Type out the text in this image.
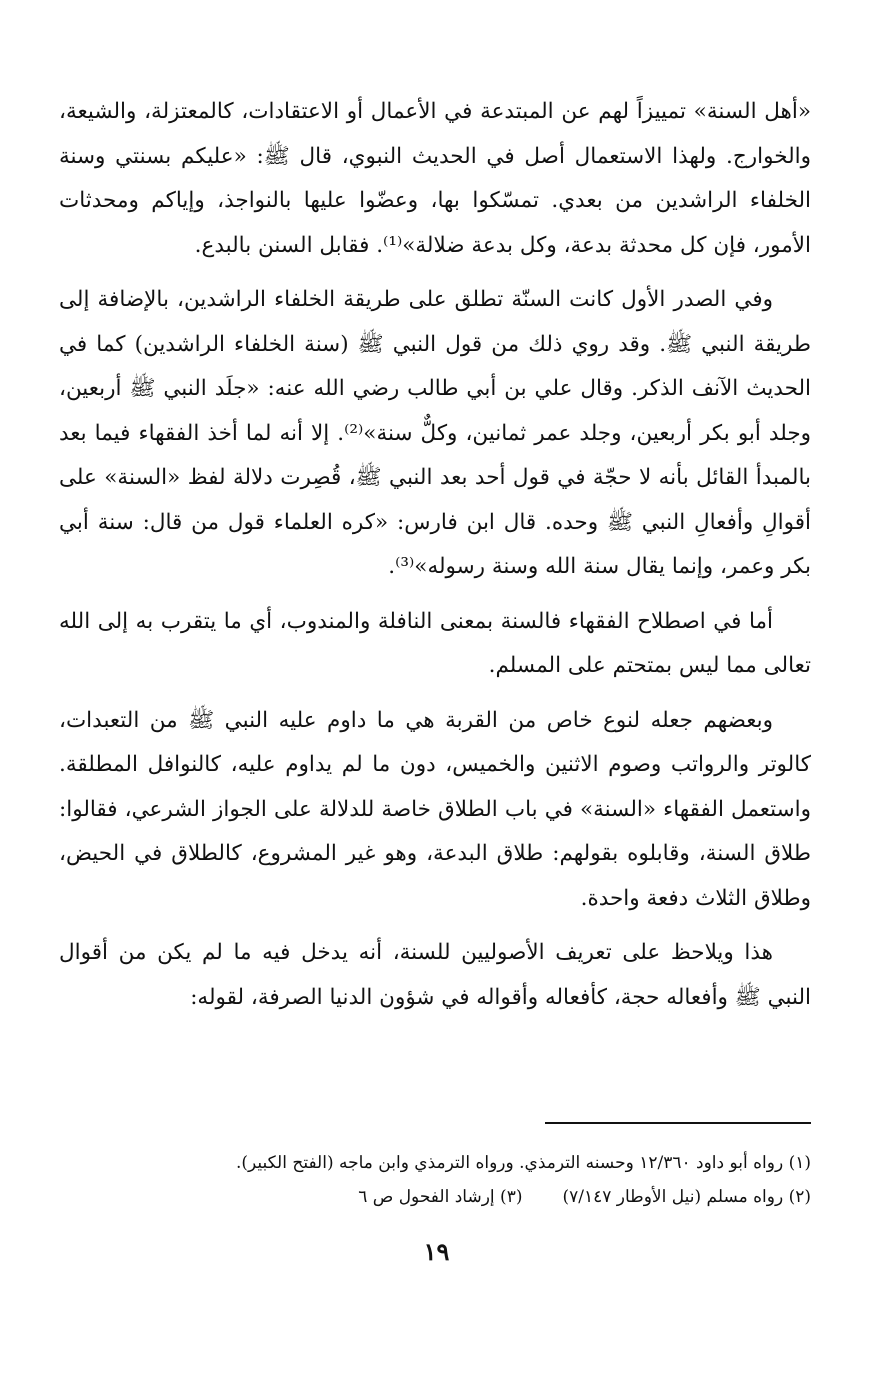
«أهل السنة» تمييزاً لهم عن المبتدعة في الأعمال أو الاعتقادات، كالمعتزلة، والشيعة، والخوارج. ولهذا الاستعمال أصل في الحديث النبوي، قال ﷺ: «عليكم بسنتي وسنة الخلفاء الراشدين من بعدي. تمسّكوا بها، وعضّوا عليها بالنواجذ، وإياكم ومحدثات الأمور، فإن كل محدثة بدعة، وكل بدعة ضلالة»⁽¹⁾. فقابل السنن بالبدع.

وفي الصدر الأول كانت السنّة تطلق على طريقة الخلفاء الراشدين، بالإضافة إلى طريقة النبي ﷺ. وقد روي ذلك من قول النبي ﷺ (سنة الخلفاء الراشدين) كما في الحديث الآنف الذكر. وقال علي بن أبي طالب رضي الله عنه: «جلَد النبي ﷺ أربعين، وجلد أبو بكر أربعين، وجلد عمر ثمانين، وكلٌّ سنة»⁽²⁾. إلا أنه لما أخذ الفقهاء فيما بعد بالمبدأ القائل بأنه لا حجّة في قول أحد بعد النبي ﷺ، قُصِرت دلالة لفظ «السنة» على أقوالِ وأفعالِ النبي ﷺ وحده. قال ابن فارس: «كره العلماء قول من قال: سنة أبي بكر وعمر، وإنما يقال سنة الله وسنة رسوله»⁽³⁾.

أما في اصطلاح الفقهاء فالسنة بمعنى النافلة والمندوب، أي ما يتقرب به إلى الله تعالى مما ليس بمتحتم على المسلم.

وبعضهم جعله لنوع خاص من القربة هي ما داوم عليه النبي ﷺ من التعبدات، كالوتر والرواتب وصوم الاثنين والخميس، دون ما لم يداوم عليه، كالنوافل المطلقة. واستعمل الفقهاء «السنة» في باب الطلاق خاصة للدلالة على الجواز الشرعي، فقالوا: طلاق السنة، وقابلوه بقولهم: طلاق البدعة، وهو غير المشروع، كالطلاق في الحيض، وطلاق الثلاث دفعة واحدة.

هذا ويلاحظ على تعريف الأصوليين للسنة، أنه يدخل فيه ما لم يكن من أقوال النبي ﷺ وأفعاله حجة، كأفعاله وأقواله في شؤون الدنيا الصرفة، لقوله:

(١) رواه أبو داود ١٢/٣٦٠ وحسنه الترمذي. ورواه الترمذي وابن ماجه (الفتح الكبير).
(٢) رواه مسلم (نيل الأوطار ٧/١٤٧)
(٣) إرشاد الفحول ص ٦
١٩
